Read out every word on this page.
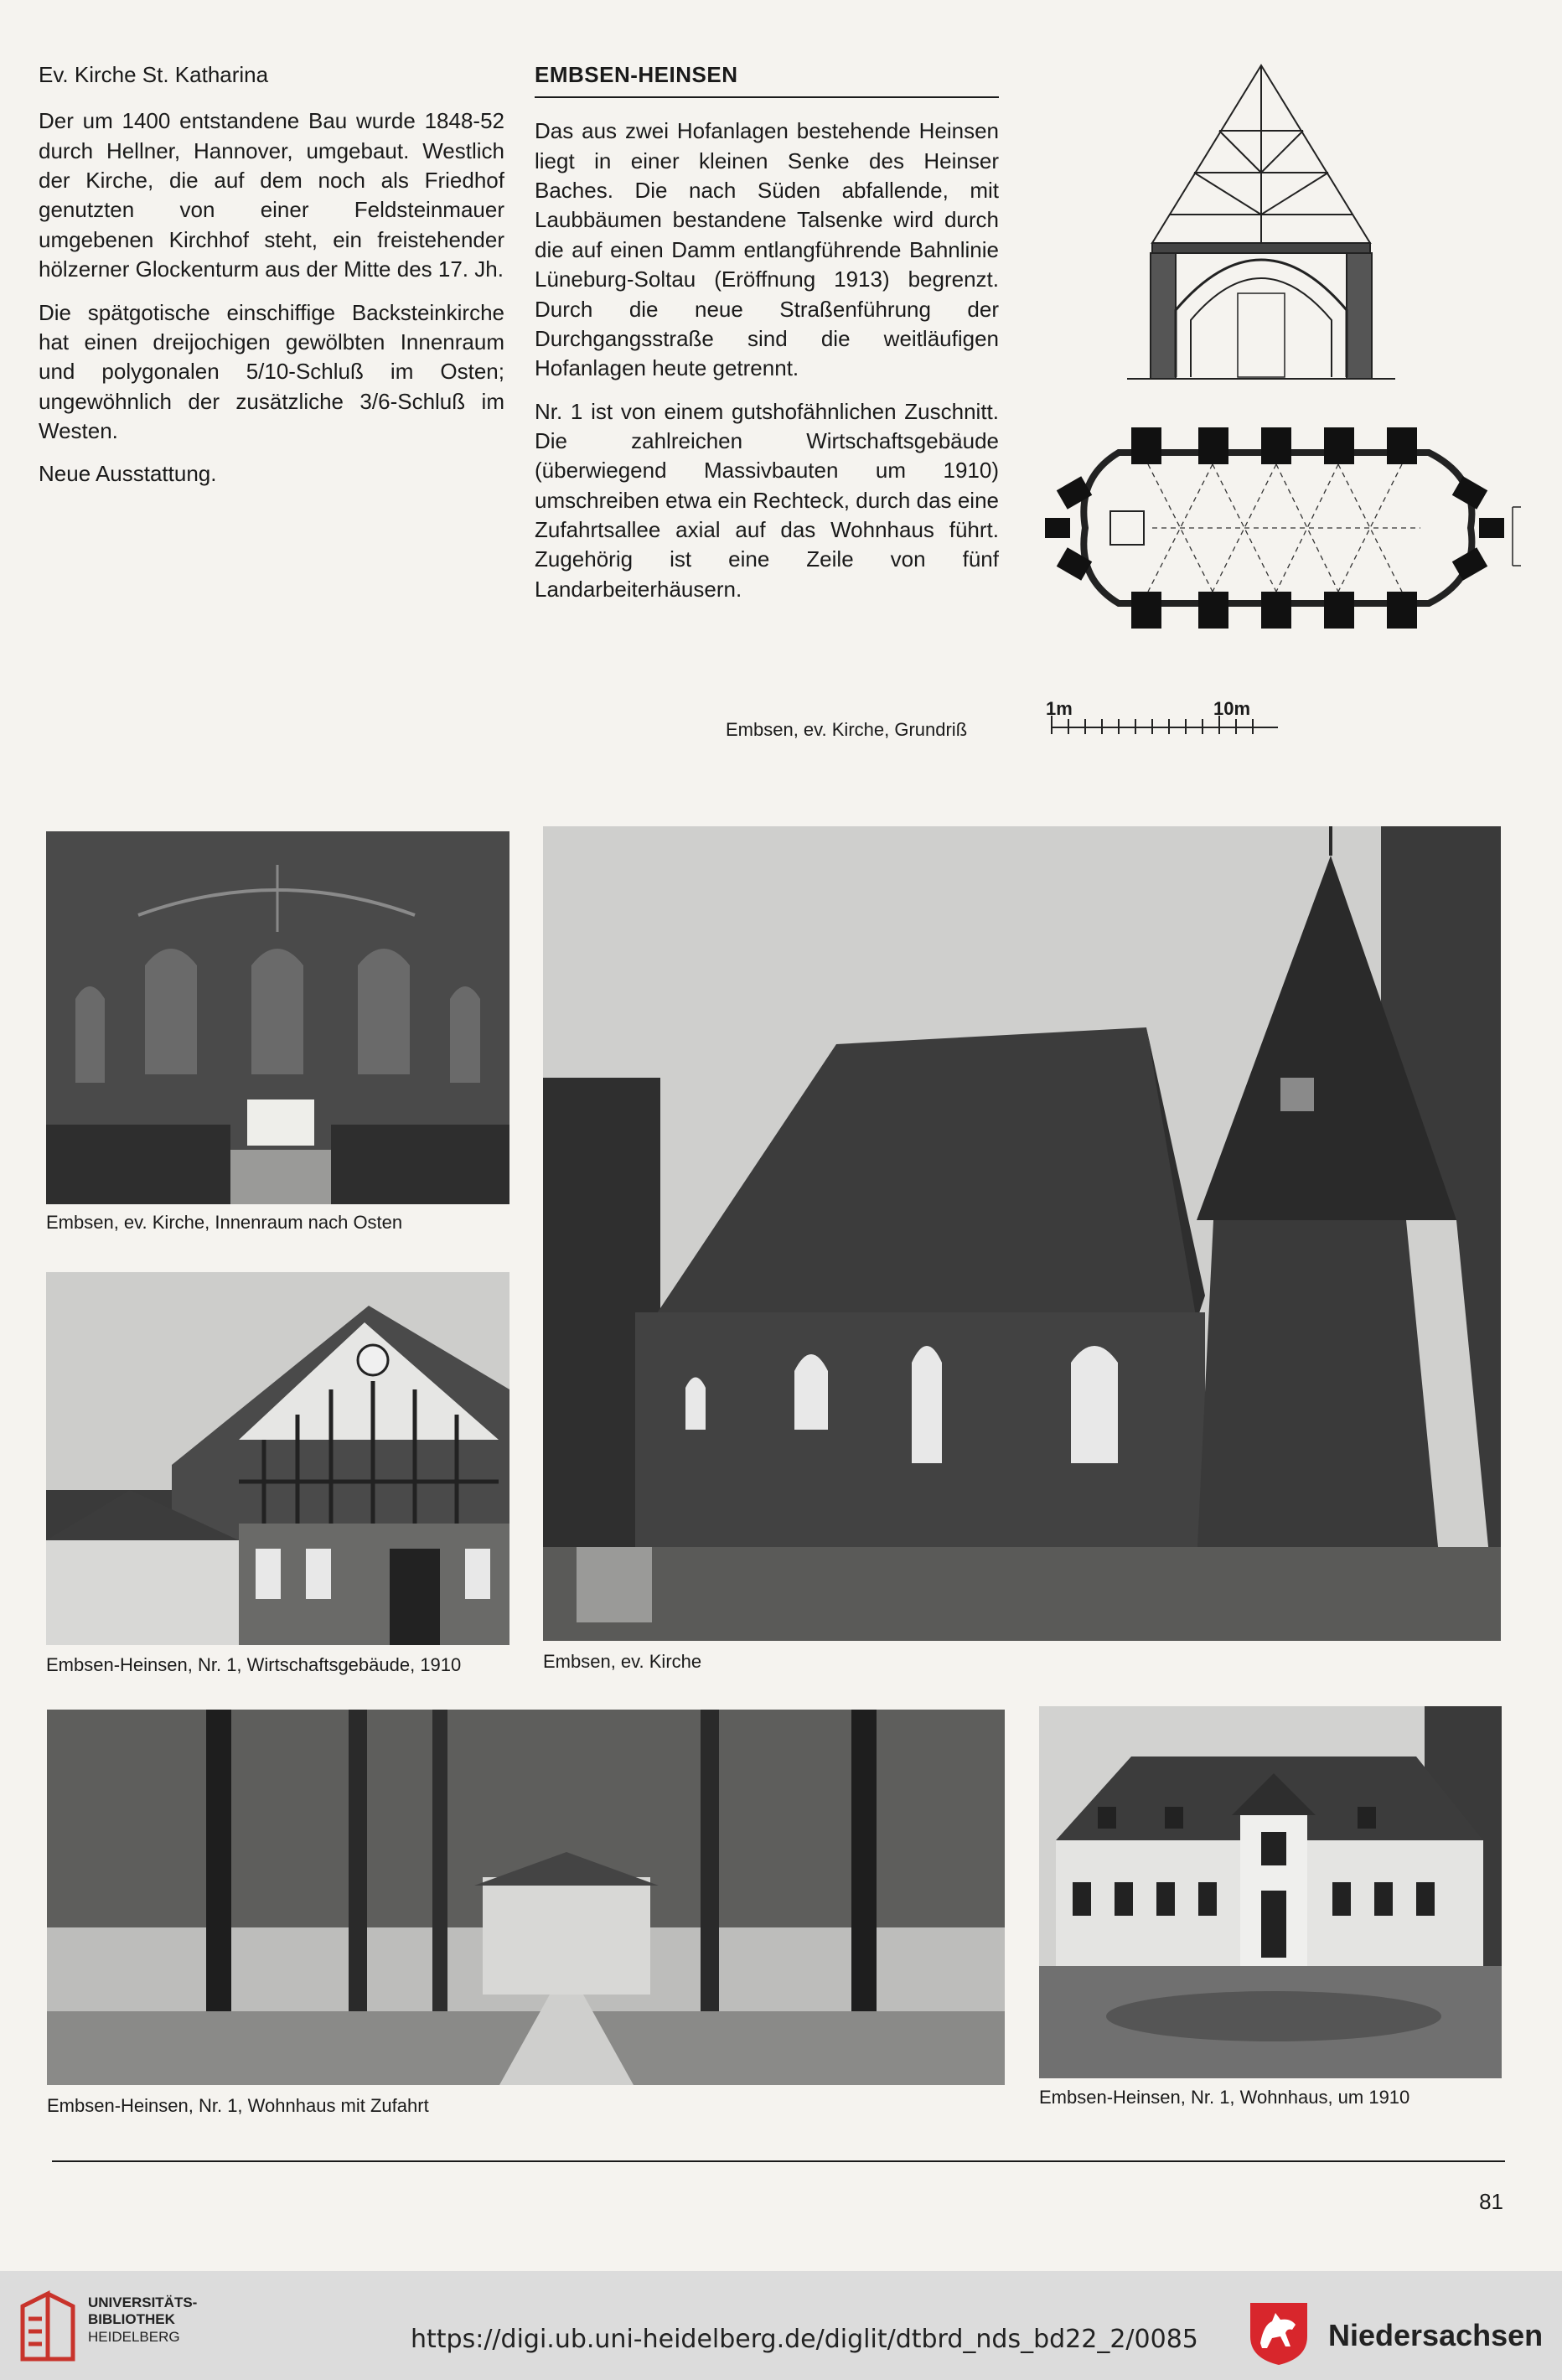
Ev. Kirche St. Katharina

Der um 1400 entstandene Bau wurde 1848-52 durch Hellner, Hannover, umgebaut. Westlich der Kirche, die auf dem noch als Friedhof genutzten von einer Feldsteinmauer umgebenen Kirchhof steht, ein freistehender hölzerner Glockenturm aus der Mitte des 17. Jh.

Die spätgotische einschiffige Backsteinkirche hat einen dreijochigen gewölbten Innenraum und polygonalen 5/10-Schluß im Osten; ungewöhnlich der zusätzliche 3/6-Schluß im Westen.

Neue Ausstattung.

EMBSEN-HEINSEN

Das aus zwei Hofanlagen bestehende Heinsen liegt in einer kleinen Senke des Heinser Baches. Die nach Süden abfallende, mit Laubbäumen bestandene Talsenke wird durch die auf einen Damm entlangführende Bahnlinie Lüneburg-Soltau (Eröffnung 1913) begrenzt. Durch die neue Straßenführung der Durchgangsstraße sind die weitläufigen Hofanlagen heute getrennt.

Nr. 1 ist von einem gutshofähnlichen Zuschnitt. Die zahlreichen Wirtschaftsgebäude (überwiegend Massivbauten um 1910) umschreiben etwa ein Rechteck, durch das eine Zufahrtsallee axial auf das Wohnhaus führt. Zugehörig ist eine Zeile von fünf Landarbeiterhäusern.

1m	10m
Embsen, ev. Kirche, Grundriß
Embsen, ev. Kirche, Innenraum nach Osten
Embsen, ev. Kirche
Embsen-Heinsen, Nr. 1, Wirtschaftsgebäude, 1910
Embsen-Heinsen, Nr. 1, Wohnhaus mit Zufahrt	Embsen-Heinsen, Nr. 1, Wohnhaus, um 1910
81
UNIVERSITÄTS-
BIBLIOTHEK
HEIDELBERG	https://digi.ub.uni-heidelberg.de/diglit/dtbrd_nds_bd22_2/0085	Niedersachsen
